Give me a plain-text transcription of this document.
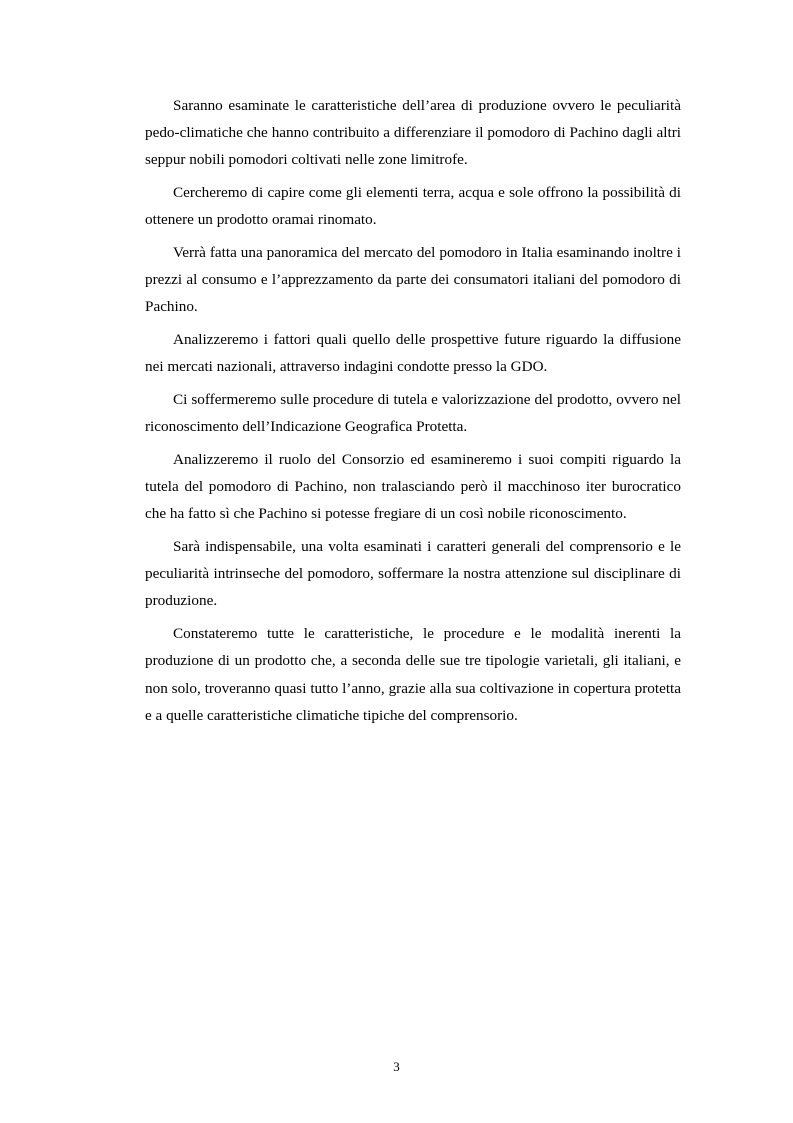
Saranno esaminate le caratteristiche dell’area di produzione ovvero le peculiarità pedo-climatiche che hanno contribuito a differenziare il pomodoro di Pachino dagli altri seppur nobili pomodori coltivati nelle zone limitrofe.

Cercheremo di capire come gli elementi terra, acqua e sole offrono la possibilità di ottenere un prodotto oramai rinomato.

Verrà fatta una panoramica del mercato del pomodoro in Italia esaminando inoltre i prezzi al consumo e l’apprezzamento da parte dei consumatori italiani del pomodoro di Pachino.

Analizzeremo i fattori quali quello delle prospettive future riguardo la diffusione nei mercati nazionali, attraverso indagini condotte presso la GDO.

Ci soffermeremo sulle procedure di tutela e valorizzazione del prodotto, ovvero nel riconoscimento dell’Indicazione Geografica Protetta.

Analizzeremo il ruolo del Consorzio ed esamineremo i suoi compiti riguardo la tutela del pomodoro di Pachino, non tralasciando però il macchinoso iter burocratico che ha fatto sì che Pachino si potesse fregiare di un così nobile riconoscimento.

Sarà indispensabile, una volta esaminati i caratteri generali del comprensorio e le peculiarità intrinseche del pomodoro, soffermare la nostra attenzione sul disciplinare di produzione.

Constateremo tutte le caratteristiche, le procedure e le modalità inerenti la produzione di un prodotto che, a seconda delle sue tre tipologie varietali, gli italiani, e non solo, troveranno quasi tutto l’anno, grazie alla sua coltivazione in copertura protetta e a quelle caratteristiche climatiche tipiche del comprensorio.

3
